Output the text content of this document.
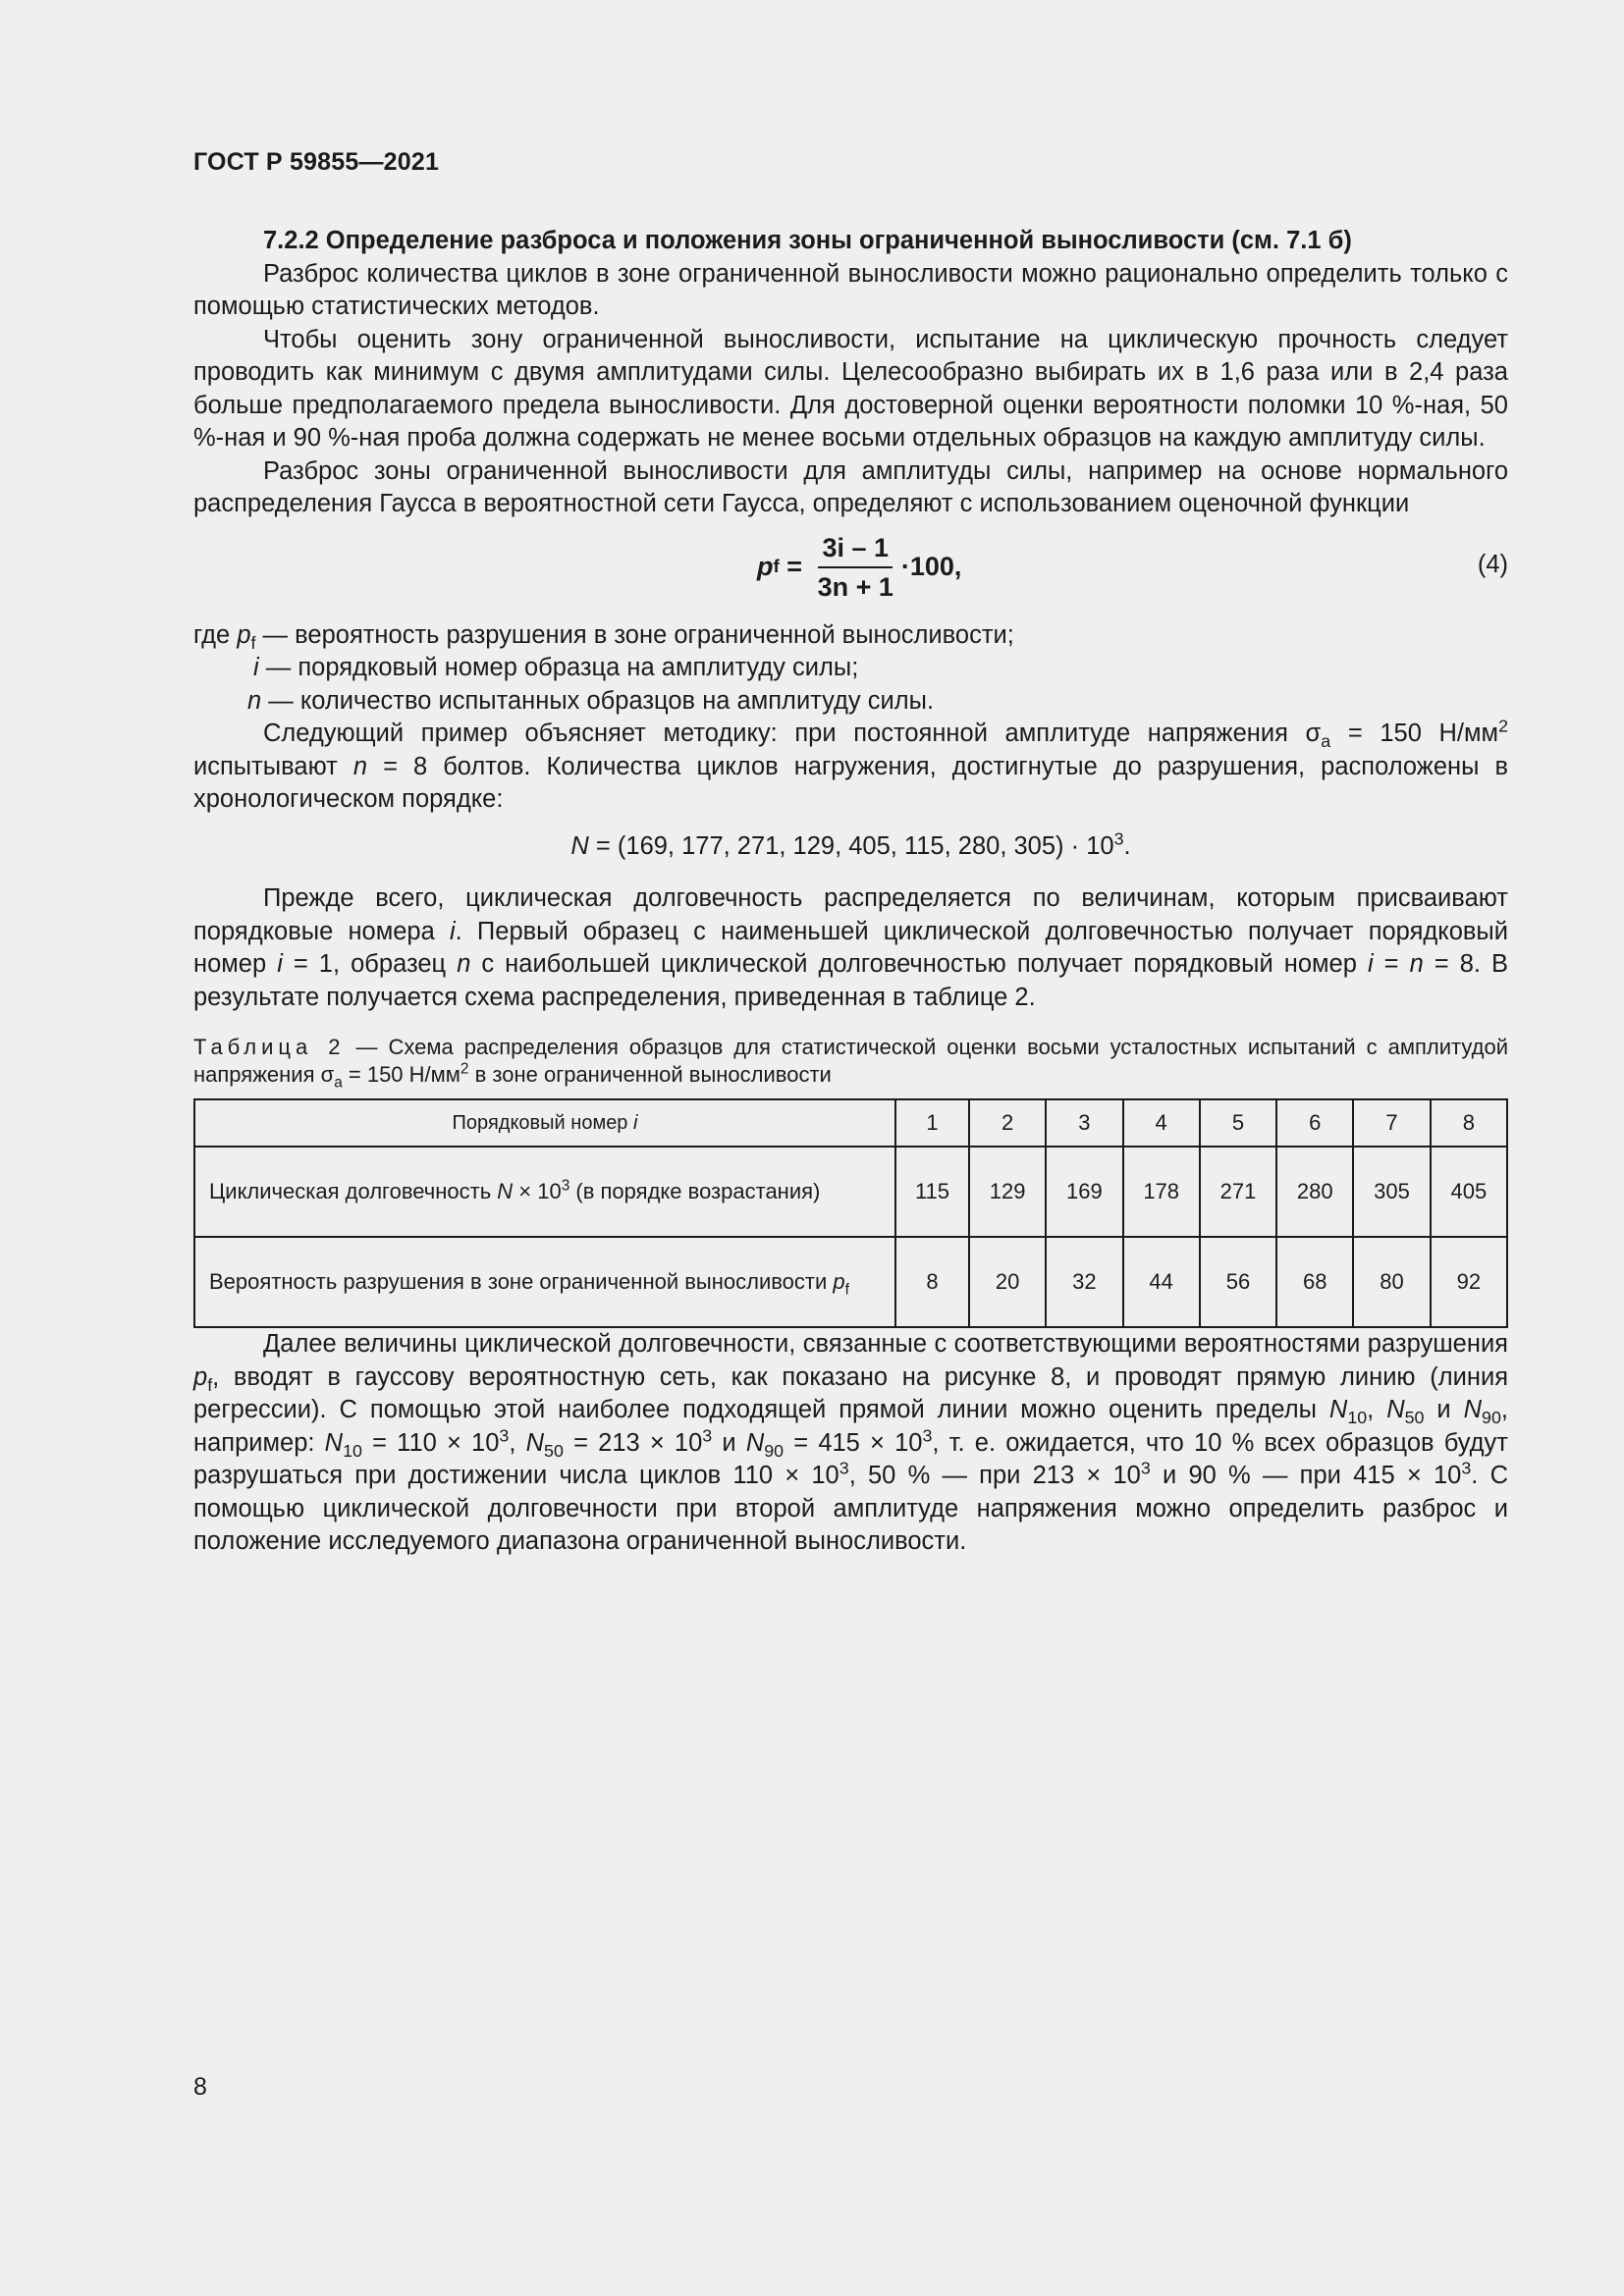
ГОСТ Р 59855—2021

7.2.2 Определение разброса и положения зоны ограниченной выносливости (см. 7.1 б)

Разброс количества циклов в зоне ограниченной выносливости можно рационально определить только с помощью статистических методов.

Чтобы оценить зону ограниченной выносливости, испытание на циклическую прочность следует проводить как минимум с двумя амплитудами силы. Целесообразно выбирать их в 1,6 раза или в 2,4 раза больше предполагаемого предела выносливости. Для достоверной оценки вероятности поломки 10 %-ная, 50 %-ная и 90 %-ная проба должна содержать не менее восьми отдельных образцов на каждую амплитуду силы.

Разброс зоны ограниченной выносливости для амплитуды силы, например на основе нормального распределения Гаусса в вероятностной сети Гаусса, определяют с использованием оценочной функции

p $f = \frac{3i - 1}{3n + 1} \cdot 100$,	(4)
где $p_f$ — вероятность разрушения в зоне ограниченной выносливости;
i — порядковый номер образца на амплитуду силы;
n — количество испытанных образцов на амплитуду силы.

Следующий пример объясняет методику: при постоянной амплитуде напряжения $\sigma_a = 150$ $Н/мм^2$ испытывают n = 8 болтов. Количества циклов нагружения, достигнутые до разрушения, расположены в хронологическом порядке:

N = (169, 177, 271, 129, 405, 115, 280, $305) \cdot 10^3$.

Прежде всего, циклическая долговечность распределяется по величинам, которым присваивают порядковые номера i. Первый образец с наименьшей циклической долговечностью получает порядковый номер i = 1, образец n с наибольшей циклической долговечностью получает порядковый номер i = n = 8. В результате получается схема распределения, приведенная в таблице 2.

Таблица 2 — Схема распределения образцов для статистической оценки восьми усталостных испытаний с амплитудой напряжения $\sigma_a = 150$ $Н/мм^2$ в зоне ограниченной выносливости
Порядковый номер i	1	2	3	4	5	6	7	8
Циклическая долговечность $N \times 10^3$ (в порядке возрастания)	115	129	169	178	271	280	305	405
Вероятность разрушения в зоне ограниченной выносливости $p_f$	8	20	32	44	56	68	80	92

Далее величины циклической долговечности, связанные с соответствующими вероятностями разрушения $p_f$, вводят в гауссову вероятностную сеть, как показано на рисунке 8, и проводят прямую линию (линия регрессии). С помощью этой наиболее подходящей прямой линии можно оценить пределы $N_{10}$, $N_{50}$ и $N_{90}$, например: $N_{10} = 110 \times 10^3$, $N_{50} = 213 \times 10^3$ и $N_{90} = 415 \times 10^3$, т. е. ожидается, что 10 % всех образцов будут разрушаться при достижении числа циклов $110 \times 10^3$, 50 % — при $213 \times 10^3$ и 90 % — при $415 \times 10^3$. С помощью циклической долговечности при второй амплитуде напряжения можно определить разброс и положение исследуемого диапазона ограниченной выносливости.

8
